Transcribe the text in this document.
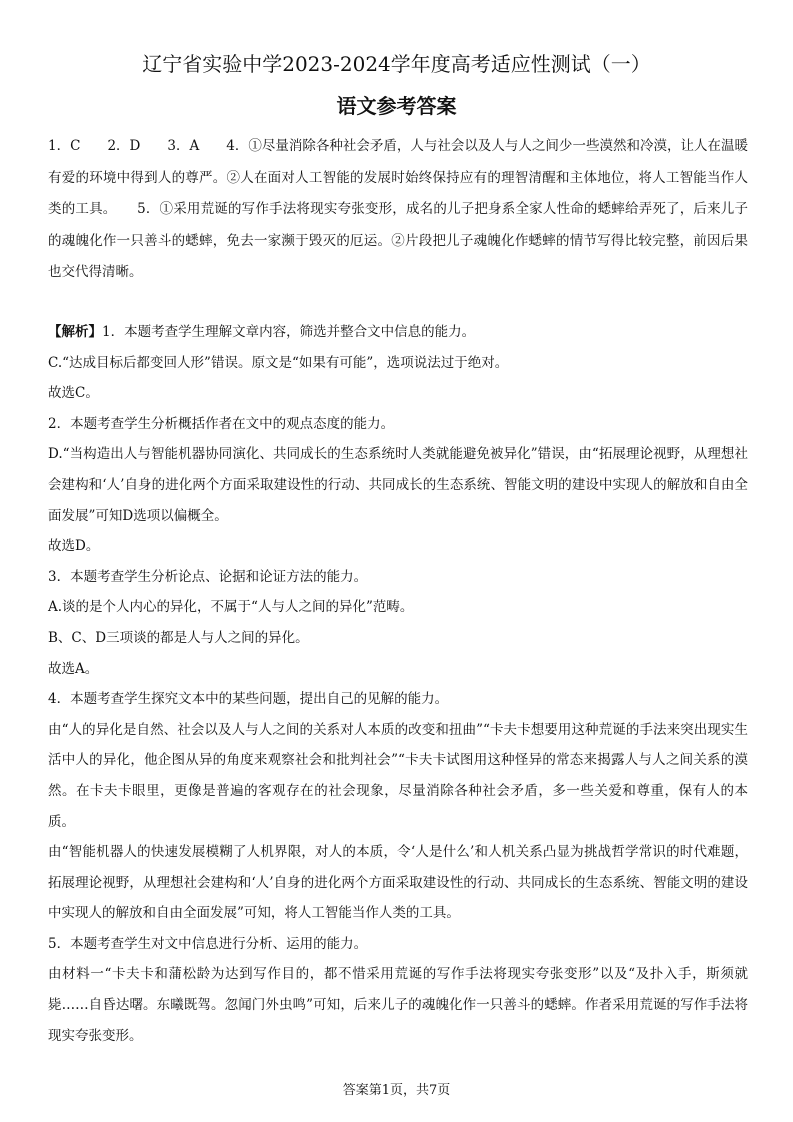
辽宁省实验中学2023-2024学年度高考适应性测试（一）
语文参考答案
1．C　　2．D　　3．A　　4．①尽量消除各种社会矛盾，人与社会以及人与人之间少一些漠然和冷漠，让人在温暖有爱的环境中得到人的尊严。②人在面对人工智能的发展时始终保持应有的理智清醒和主体地位，将人工智能当作人类的工具。　　5．①采用荒诞的写作手法将现实夸张变形，成名的儿子把身系全家人性命的蟋蟀给弄死了，后来儿子的魂魄化作一只善斗的蟋蟀，免去一家濒于毁灭的厄运。②片段把儿子魂魄化作蟋蟀的情节写得比较完整，前因后果也交代得清晰。

【解析】1．本题考查学生理解文章内容，筛选并整合文中信息的能力。

C.“达成目标后都变回人形”错误。原文是“如果有可能”，选项说法过于绝对。

故选C。

2．本题考查学生分析概括作者在文中的观点态度的能力。

D.“当构造出人与智能机器协同演化、共同成长的生态系统时人类就能避免被异化”错误，由“拓展理论视野，从理想社会建构和‘人’自身的进化两个方面采取建设性的行动、共同成长的生态系统、智能文明的建设中实现人的解放和自由全面发展”可知D选项以偏概全。

故选D。

3．本题考查学生分析论点、论据和论证方法的能力。

A.谈的是个人内心的异化，不属于“人与人之间的异化”范畴。

B、C、D三项谈的都是人与人之间的异化。

故选A。

4．本题考查学生探究文本中的某些问题，提出自己的见解的能力。

由“人的异化是自然、社会以及人与人之间的关系对人本质的改变和扭曲”“卡夫卡想要用这种荒诞的手法来突出现实生活中人的异化，他企图从异的角度来观察社会和批判社会”“卡夫卡试图用这种怪异的常态来揭露人与人之间关系的漠然。在卡夫卡眼里，更像是普遍的客观存在的社会现象，尽量消除各种社会矛盾，多一些关爱和尊重，保有人的本质。

由“智能机器人的快速发展模糊了人机界限，对人的本质，令‘人是什么’和人机关系凸显为挑战哲学常识的时代难题，拓展理论视野，从理想社会建构和‘人’自身的进化两个方面采取建设性的行动、共同成长的生态系统、智能文明的建设中实现人的解放和自由全面发展”可知，将人工智能当作人类的工具。

5．本题考查学生对文中信息进行分析、运用的能力。

由材料一“卡夫卡和蒲松龄为达到写作目的，都不惜采用荒诞的写作手法将现实夸张变形”以及“及扑入手，斯须就毙……自昏达曙。东曦既驾。忽闻门外虫鸣”可知，后来儿子的魂魄化作一只善斗的蟋蟀。作者采用荒诞的写作手法将现实夸张变形。

答案第1页，共7页
